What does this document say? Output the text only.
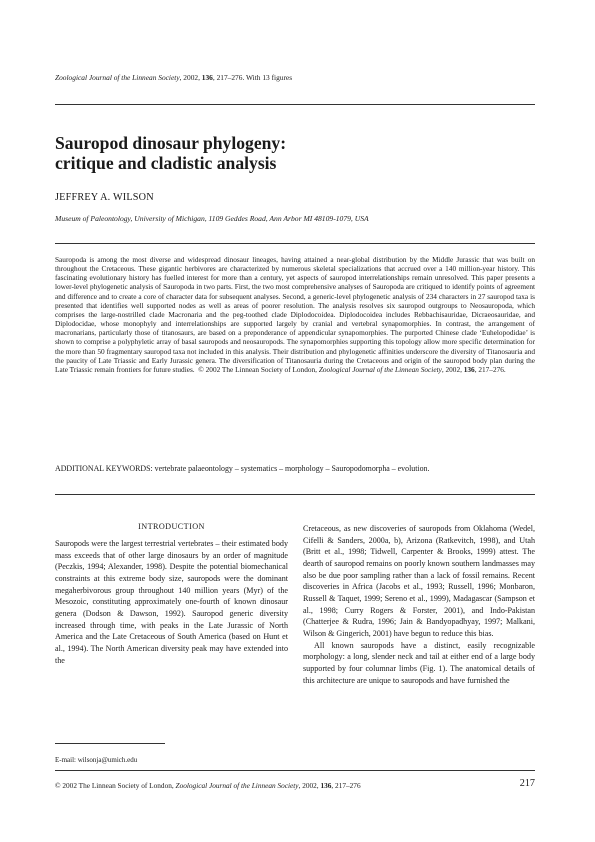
Zoological Journal of the Linnean Society, 2002, 136, 217–276. With 13 figures
Sauropod dinosaur phylogeny:
critique and cladistic analysis
JEFFREY A. WILSON
Museum of Paleontology, University of Michigan, 1109 Geddes Road, Ann Arbor MI 48109-1079, USA
Sauropoda is among the most diverse and widespread dinosaur lineages, having attained a near-global distribution by the Middle Jurassic that was built on throughout the Cretaceous. These gigantic herbivores are characterized by numerous skeletal specializations that accrued over a 140 million-year history. This fascinating evolutionary history has fuelled interest for more than a century, yet aspects of sauropod interrelationships remain unresolved. This paper presents a lower-level phylogenetic analysis of Sauropoda in two parts. First, the two most comprehensive analyses of Sauropoda are critiqued to identify points of agreement and difference and to create a core of character data for subsequent analyses. Second, a generic-level phylogenetic analysis of 234 characters in 27 sauropod taxa is presented that identifies well supported nodes as well as areas of poorer resolution. The analysis resolves six sauropod outgroups to Neosauropoda, which comprises the large-nostrilled clade Macronaria and the peg-toothed clade Diplodocoidea. Diplodocoidea includes Rebbachisauridae, Dicraeosauridae, and Diplodocidae, whose monophyly and interrelationships are supported largely by cranial and vertebral synapomorphies. In contrast, the arrangement of macronarians, particularly those of titanosaurs, are based on a preponderance of appendicular synapomorphies. The purported Chinese clade ‘Euhelopodidae’ is shown to comprise a polyphyletic array of basal sauropods and neosauropods. The synapomorphies supporting this topology allow more specific determination for the more than 50 fragmentary sauropod taxa not included in this analysis. Their distribution and phylogenetic affinities underscore the diversity of Titanosauria and the paucity of Late Triassic and Early Jurassic genera. The diversification of Titanosauria during the Cretaceous and origin of the sauropod body plan during the Late Triassic remain frontiers for future studies. © 2002 The Linnean Society of London, Zoological Journal of the Linnean Society, 2002, 136, 217–276.
ADDITIONAL KEYWORDS: vertebrate palaeontology – systematics – morphology – Sauropodomorpha – evolution.
INTRODUCTION

Sauropods were the largest terrestrial vertebrates – their estimated body mass exceeds that of other large dinosaurs by an order of magnitude (Peczkis, 1994; Alexander, 1998). Despite the potential biomechanical constraints at this extreme body size, sauropods were the dominant megaherbivorous group throughout 140 million years (Myr) of the Mesozoic, constituting approximately one-fourth of known dinosaur genera (Dodson & Dawson, 1992). Sauropod generic diversity increased through time, with peaks in the Late Jurassic of North America and the Late Cretaceous of South America (based on Hunt et al., 1994). The North American diversity peak may have extended into the

Cretaceous, as new discoveries of sauropods from Oklahoma (Wedel, Cifelli & Sanders, 2000a, b), Arizona (Ratkevitch, 1998), and Utah (Britt et al., 1998; Tidwell, Carpenter & Brooks, 1999) attest. The dearth of sauropod remains on poorly known southern landmasses may also be due poor sampling rather than a lack of fossil remains. Recent discoveries in Africa (Jacobs et al., 1993; Russell, 1996; Monbaron, Russell & Taquet, 1999; Sereno et al., 1999), Madagascar (Sampson et al., 1998; Curry Rogers & Forster, 2001), and Indo-Pakistan (Chatterjee & Rudra, 1996; Jain & Bandyopadhyay, 1997; Malkani, Wilson & Gingerich, 2001) have begun to reduce this bias.

All known sauropods have a distinct, easily recognizable morphology: a long, slender neck and tail at either end of a large body supported by four columnar limbs (Fig. 1). The anatomical details of this architecture are unique to sauropods and have furnished the

E-mail: wilsonja@umich.edu
© 2002 The Linnean Society of London, Zoological Journal of the Linnean Society, 2002, 136, 217–276	217
